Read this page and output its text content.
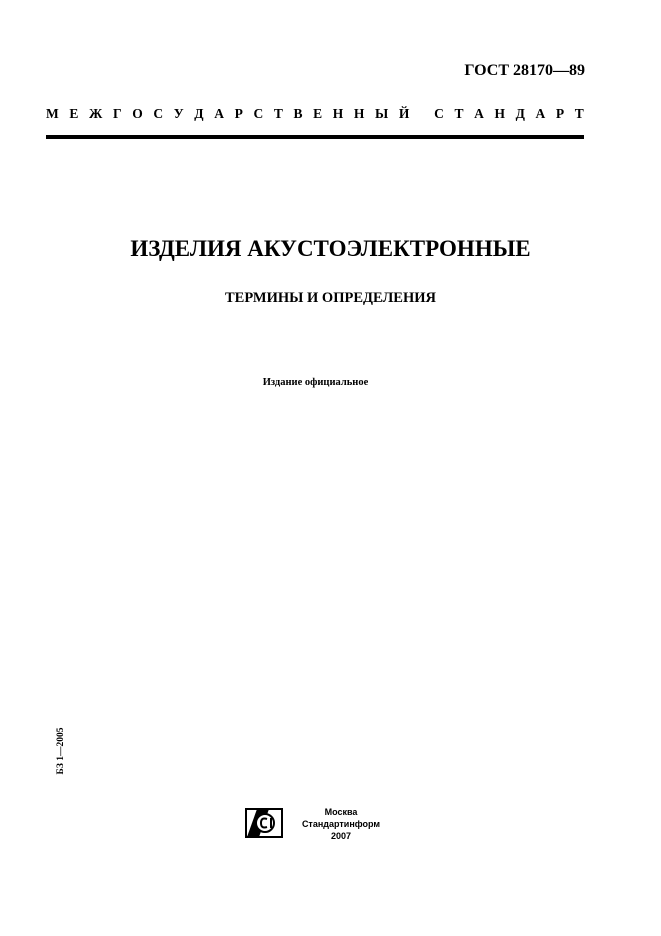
ГОСТ 28170—89
М Е Ж Г О С У Д А Р С Т В Е Н Н Ы Й
С Т А Н Д А Р Т
ИЗДЕЛИЯ АКУСТОЭЛЕКТРОННЫЕ
ТЕРМИНЫ И ОПРЕДЕЛЕНИЯ
Издание официальное
БЗ 1—2005
Москва
Стандартинформ
2007
